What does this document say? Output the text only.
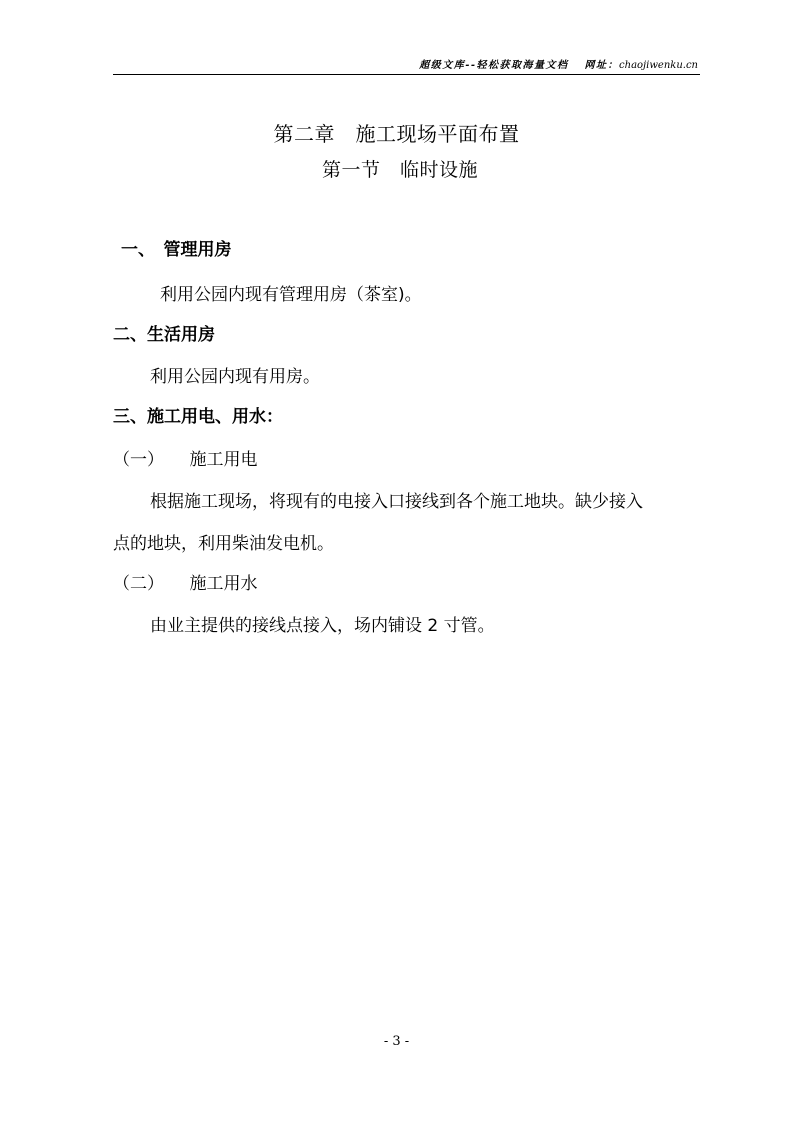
超级文库--轻松获取海量文档 网址：chaojiwenku.cn
第二章　施工现场平面布置
第一节　临时设施
一、　管理用房
利用公园内现有管理用房（茶室)。
二、生活用房
利用公园内现有用房。
三、施工用电、用水：
（一）　　施工用电
根据施工现场，将现有的电接入口接线到各个施工地块。缺少接入
点的地块，利用柴油发电机。
（二）　　施工用水
由业主提供的接线点接入，场内铺设 2 寸管。
- 3 -
